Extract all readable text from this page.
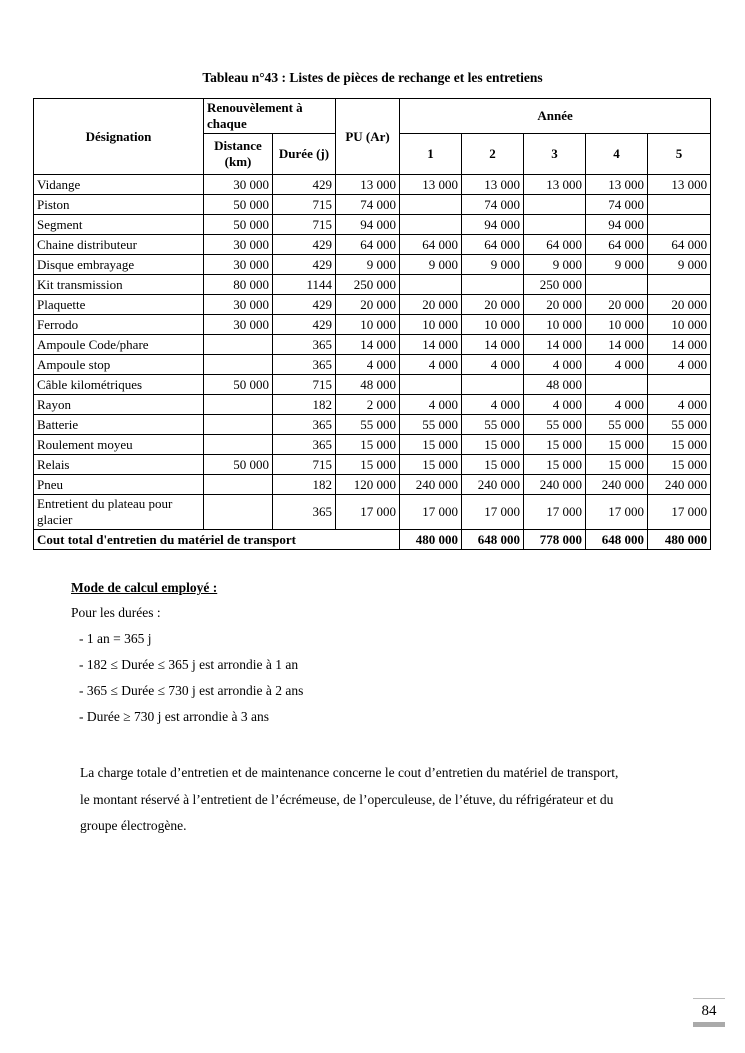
Tableau n°43 : Listes de pièces de rechange et les entretiens
Désignation	Renouvèlement à chaque		PU (Ar)	Année				
	Distance (km)	Durée (j)		1	2	3	4	5
Vidange	30 000	429	13 000	13 000	13 000	13 000	13 000	13 000
Piston	50 000	715	74 000		74 000		74 000	
Segment	50 000	715	94 000		94 000		94 000	
Chaine distributeur	30 000	429	64 000	64 000	64 000	64 000	64 000	64 000
Disque embrayage	30 000	429	9 000	9 000	9 000	9 000	9 000	9 000
Kit transmission	80 000	1144	250 000			250 000		
Plaquette	30 000	429	20 000	20 000	20 000	20 000	20 000	20 000
Ferrodo	30 000	429	10 000	10 000	10 000	10 000	10 000	10 000
Ampoule Code/phare		365	14 000	14 000	14 000	14 000	14 000	14 000
Ampoule stop		365	4 000	4 000	4 000	4 000	4 000	4 000
Câble kilométriques	50 000	715	48 000			48 000		
Rayon		182	2 000	4 000	4 000	4 000	4 000	4 000
Batterie		365	55 000	55 000	55 000	55 000	55 000	55 000
Roulement moyeu		365	15 000	15 000	15 000	15 000	15 000	15 000
Relais	50 000	715	15 000	15 000	15 000	15 000	15 000	15 000
Pneu		182	120 000	240 000	240 000	240 000	240 000	240 000
Entretient du plateau pour glacier		365	17 000	17 000	17 000	17 000	17 000	17 000
Cout total d'entretien du matériel de transport				480 000	648 000	778 000	648 000	480 000
Mode de calcul employé :
Pour les durées :
- 1 an = 365 j
- 182 ≤ Durée ≤ 365 j est arrondie à 1 an
- 365 ≤ Durée ≤ 730 j est arrondie à 2 ans
- Durée ≥ 730 j est arrondie à 3 ans
La charge totale d’entretien et de maintenance concerne le cout d’entretien du matériel de transport,
le montant réservé à l’entretient de l’écrémeuse, de l’operculeuse, de l’étuve, du réfrigérateur et du
groupe électrogène.
84
